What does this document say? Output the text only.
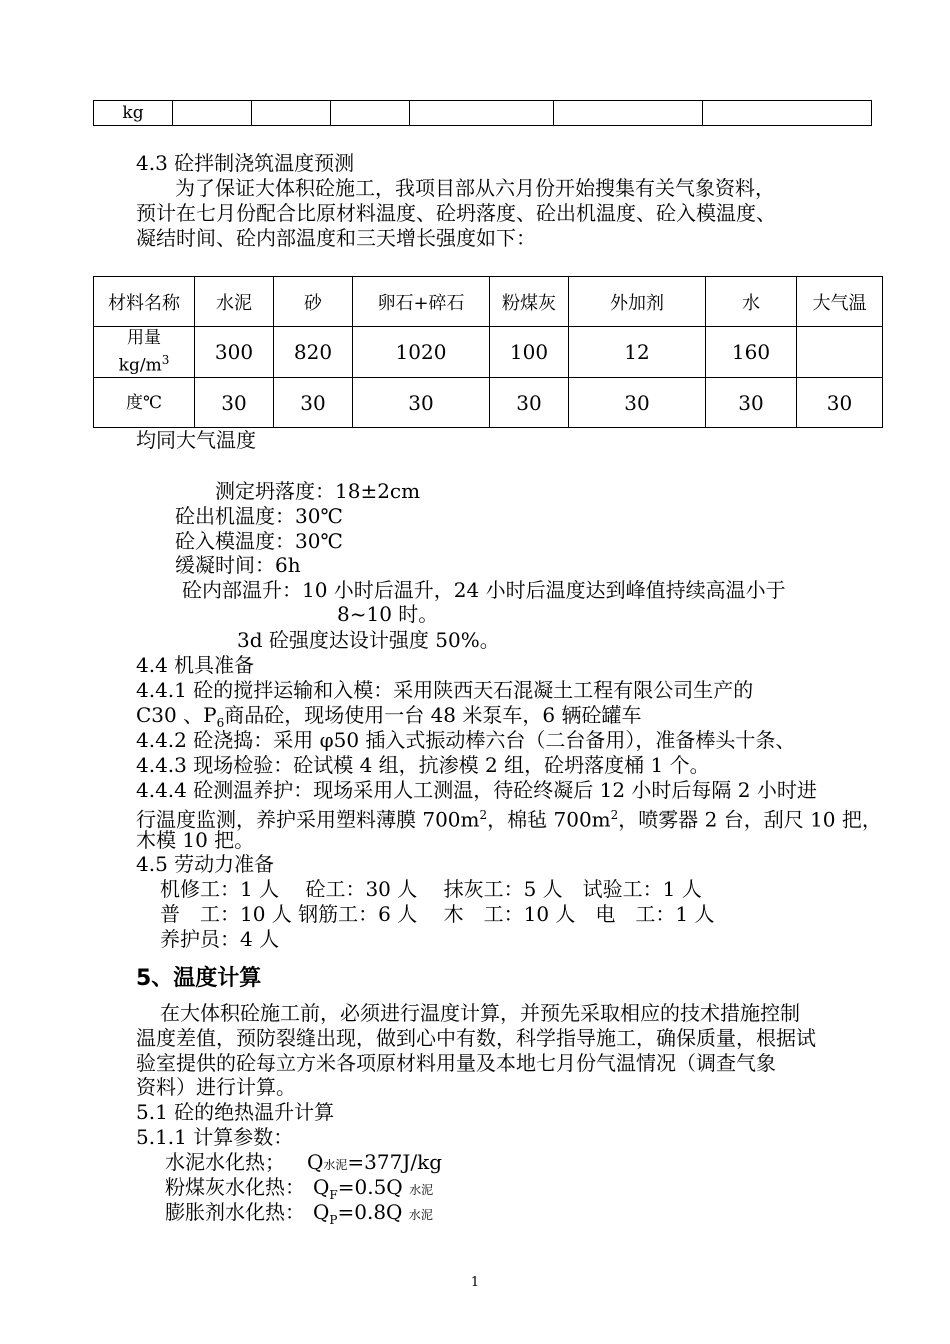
kg						
4.3 砼拌制浇筑温度预测
为了保证大体积砼施工，我项目部从六月份开始搜集有关气象资料，
预计在七月份配合比原材料温度、砼坍落度、砼出机温度、砼入模温度、
凝结时间、砼内部温度和三天增长强度如下：
材料名称	水泥	砂	卵石+碎石	粉煤灰	外加剂	水	大气温
用量
$kg/m^3$	300	820	1020	100	12	160	
度℃	30	30	30	30	30	30	30
均同大气温度
测定坍落度：18±2cm
砼出机温度：30℃
砼入模温度：30℃
缓凝时间：6h
砼内部温升：10 小时后温升，24 小时后温度达到峰值持续高温小于
8~10 时。
3d 砼强度达设计强度 50%。
4.4 机具准备
4.4.1 砼的搅拌运输和入模：采用陕西天石混凝土工程有限公司生产的
C30 、$P_6$商品砼，现场使用一台 48 米泵车，6 辆砼罐车
4.4.2 砼浇捣：采用 φ50 插入式振动棒六台（二台备用），准备棒头十条、
4.4.3 现场检验：砼试模 4 组，抗渗模 2 组，砼坍落度桶 1 个。
4.4.4 砼测温养护：现场采用人工测温，待砼终凝后 12 小时后每隔 2 小时进
行温度监测，养护采用塑料薄膜 $700m^2$，棉毡 $700m^2$，喷雾器 2 台，刮尺 10 把，
木模 10 把。
4.5 劳动力准备
机修工：1 人　 砼工：30 人　 抹灰工：5 人　试验工：1 人
普　工：10 人 钢筋工：6 人　 木　工：10 人　电　工：1 人
养护员：4 人
5、温度计算
在大体积砼施工前，必须进行温度计算，并预先采取相应的技术措施控制
温度差值，预防裂缝出现，做到心中有数，科学指导施工，确保质量，根据试
验室提供的砼每立方米各项原材料用量及本地七月份气温情况（调查气象
资料）进行计算。
5.1 砼的绝热温升计算
5.1.1 计算参数：
水泥水化热； Q水泥=377J/kg
粉煤灰水化热： $Q_F=0.5Q$ 水泥
膨胀剂水化热： $Q_P=0.8Q$ 水泥
1
